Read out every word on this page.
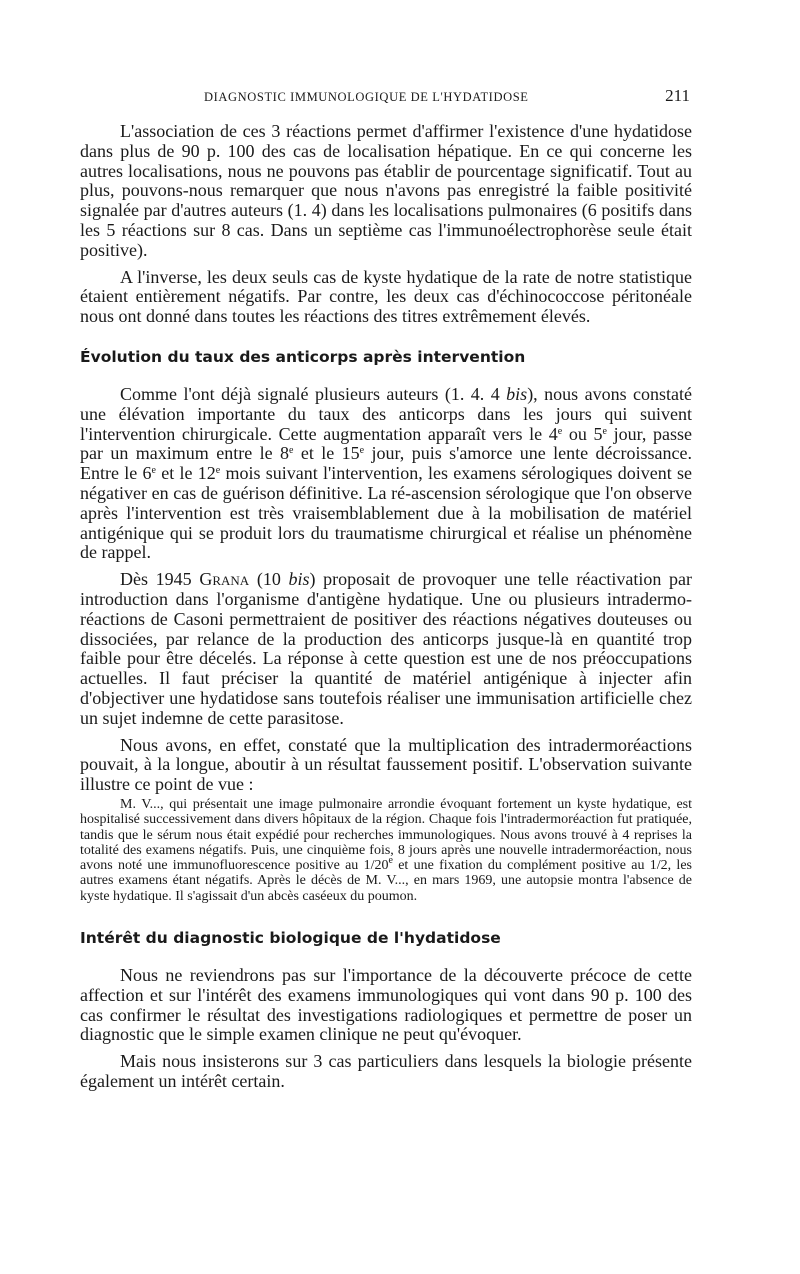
DIAGNOSTIC IMMUNOLOGIQUE DE L'HYDATIDOSE	211

L'association de ces 3 réactions permet d'affirmer l'existence d'une hydatidose dans plus de 90 p. 100 des cas de localisation hépatique. En ce qui concerne les autres localisations, nous ne pouvons pas établir de pourcentage significatif. Tout au plus, pouvons-nous remarquer que nous n'avons pas enregistré la faible positivité signalée par d'autres auteurs (1. 4) dans les localisations pulmonaires (6 positifs dans les 5 réactions sur 8 cas. Dans un septième cas l'immunoélectrophorèse seule était positive).

A l'inverse, les deux seuls cas de kyste hydatique de la rate de notre statistique étaient entièrement négatifs. Par contre, les deux cas d'échinococcose péritonéale nous ont donné dans toutes les réactions des titres extrêmement élevés.

Évolution du taux des anticorps après intervention

Comme l'ont déjà signalé plusieurs auteurs (1. 4. 4 bis), nous avons constaté une élévation importante du taux des anticorps dans les jours qui suivent l'intervention chirurgicale. Cette augmentation apparaît vers le 4e ou 5e jour, passe par un maximum entre le 8e et le 15e jour, puis s'amorce une lente décroissance. Entre le 6e et le 12e mois suivant l'intervention, les examens sérologiques doivent se négativer en cas de guérison définitive. La ré-ascension sérologique que l'on observe après l'intervention est très vraisemblablement due à la mobilisation de matériel antigénique qui se produit lors du traumatisme chirurgical et réalise un phénomène de rappel.

Dès 1945 Grana (10 bis) proposait de provoquer une telle réactivation par introduction dans l'organisme d'antigène hydatique. Une ou plusieurs intradermo-réactions de Casoni permettraient de positiver des réactions négatives douteuses ou dissociées, par relance de la production des anticorps jusque-là en quantité trop faible pour être décelés. La réponse à cette question est une de nos préoccupations actuelles. Il faut préciser la quantité de matériel antigénique à injecter afin d'objectiver une hydatidose sans toutefois réaliser une immunisation artificielle chez un sujet indemne de cette parasitose.

Nous avons, en effet, constaté que la multiplication des intradermoréactions pouvait, à la longue, aboutir à un résultat faussement positif. L'observation suivante illustre ce point de vue :

M. V..., qui présentait une image pulmonaire arrondie évoquant fortement un kyste hydatique, est hospitalisé successivement dans divers hôpitaux de la région. Chaque fois l'intradermoréaction fut pratiquée, tandis que le sérum nous était expédié pour recherches immunologiques. Nous avons trouvé à 4 reprises la totalité des examens négatifs. Puis, une cinquième fois, 8 jours après une nouvelle intradermoréaction, nous avons noté une immunofluorescence positive au 1/20e et une fixation du complément positive au 1/2, les autres examens étant négatifs. Après le décès de M. V..., en mars 1969, une autopsie montra l'absence de kyste hydatique. Il s'agissait d'un abcès caséeux du poumon.

Intérêt du diagnostic biologique de l'hydatidose

Nous ne reviendrons pas sur l'importance de la découverte précoce de cette affection et sur l'intérêt des examens immunologiques qui vont dans 90 p. 100 des cas confirmer le résultat des investigations radiologiques et permettre de poser un diagnostic que le simple examen clinique ne peut qu'évoquer.

Mais nous insisterons sur 3 cas particuliers dans lesquels la biologie présente également un intérêt certain.
